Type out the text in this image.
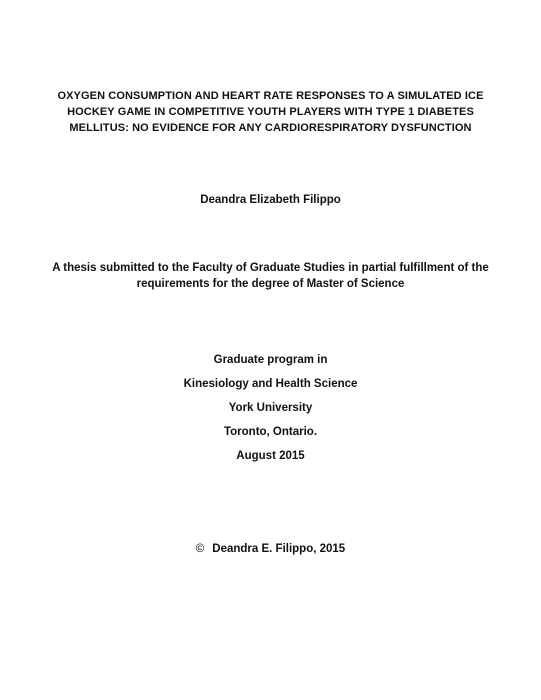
OXYGEN CONSUMPTION AND HEART RATE RESPONSES TO A SIMULATED ICE
HOCKEY GAME IN COMPETITIVE YOUTH PLAYERS WITH TYPE 1 DIABETES
MELLITUS: NO EVIDENCE FOR ANY CARDIORESPIRATORY DYSFUNCTION
Deandra Elizabeth Filippo
A thesis submitted to the Faculty of Graduate Studies in partial fulfillment of the
requirements for the degree of Master of Science
Graduate program in
Kinesiology and Health Science
York University
Toronto, Ontario.
August 2015
© Deandra E. Filippo, 2015
